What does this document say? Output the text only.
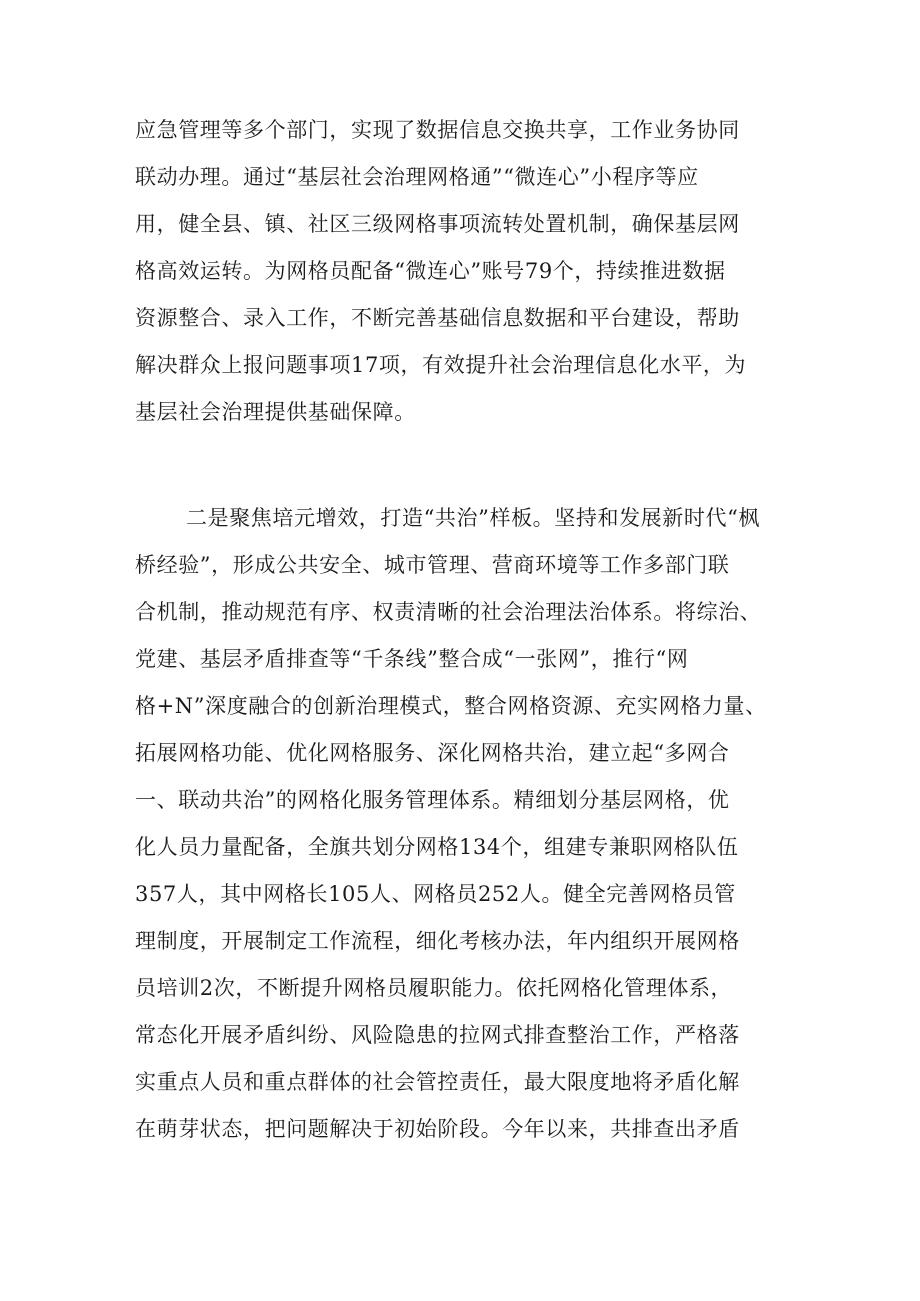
应急管理等多个部门，实现了数据信息交换共享，工作业务协同
联动办理。通过“基层社会治理网格通”“微连心”小程序等应
用，健全县、镇、社区三级网格事项流转处置机制，确保基层网
格高效运转。为网格员配备“微连心”账号79个，持续推进数据
资源整合、录入工作，不断完善基础信息数据和平台建设，帮助
解决群众上报问题事项17项，有效提升社会治理信息化水平，为
基层社会治理提供基础保障。
二是聚焦培元增效，打造“共治”样板。坚持和发展新时代“枫
桥经验”，形成公共安全、城市管理、营商环境等工作多部门联
合机制，推动规范有序、权责清晰的社会治理法治体系。将综治、
党建、基层矛盾排查等“千条线”整合成“一张网”，推行“网
格+N”深度融合的创新治理模式，整合网格资源、充实网格力量、
拓展网格功能、优化网格服务、深化网格共治，建立起“多网合
一、联动共治”的网格化服务管理体系。精细划分基层网格，优
化人员力量配备，全旗共划分网格134个，组建专兼职网格队伍
357人，其中网格长105人、网格员252人。健全完善网格员管
理制度，开展制定工作流程，细化考核办法，年内组织开展网格
员培训2次，不断提升网格员履职能力。依托网格化管理体系，
常态化开展矛盾纠纷、风险隐患的拉网式排查整治工作，严格落
实重点人员和重点群体的社会管控责任，最大限度地将矛盾化解
在萌芽状态，把问题解决于初始阶段。今年以来，共排查出矛盾
